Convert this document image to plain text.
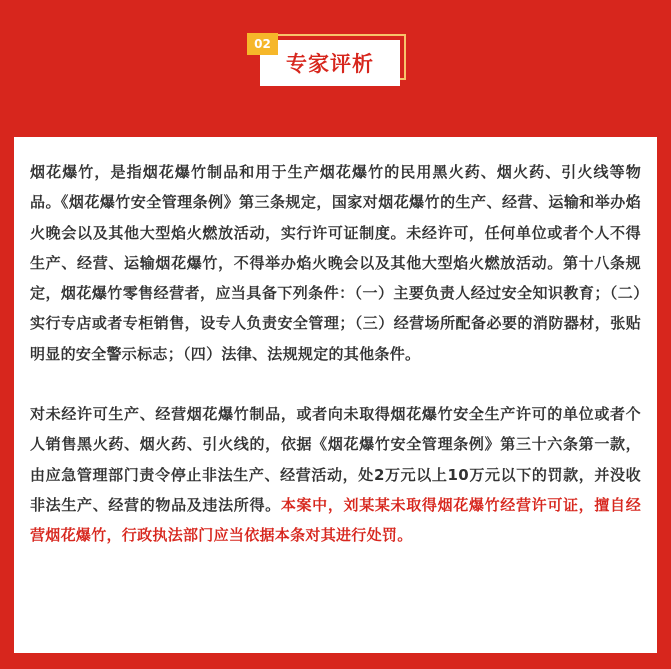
专家评析
02

烟花爆竹，是指烟花爆竹制品和用于生产烟花爆竹的民用黑火药、烟火药、引火线等物品。《烟花爆竹安全管理条例》第三条规定，国家对烟花爆竹的生产、经营、运输和举办焰火晚会以及其他大型焰火燃放活动，实行许可证制度。未经许可，任何单位或者个人不得生产、经营、运输烟花爆竹，不得举办焰火晚会以及其他大型焰火燃放活动。第十八条规定，烟花爆竹零售经营者，应当具备下列条件：（一）主要负责人经过安全知识教育；（二）实行专店或者专柜销售，设专人负责安全管理；（三）经营场所配备必要的消防器材，张贴明显的安全警示标志；（四）法律、法规规定的其他条件。

对未经许可生产、经营烟花爆竹制品，或者向未取得烟花爆竹安全生产许可的单位或者个人销售黑火药、烟火药、引火线的，依据《烟花爆竹安全管理条例》第三十六条第一款，由应急管理部门责令停止非法生产、经营活动，处2万元以上10万元以下的罚款，并没收非法生产、经营的物品及违法所得。本案中，刘某某未取得烟花爆竹经营许可证，擅自经营烟花爆竹，行政执法部门应当依据本条对其进行处罚。
